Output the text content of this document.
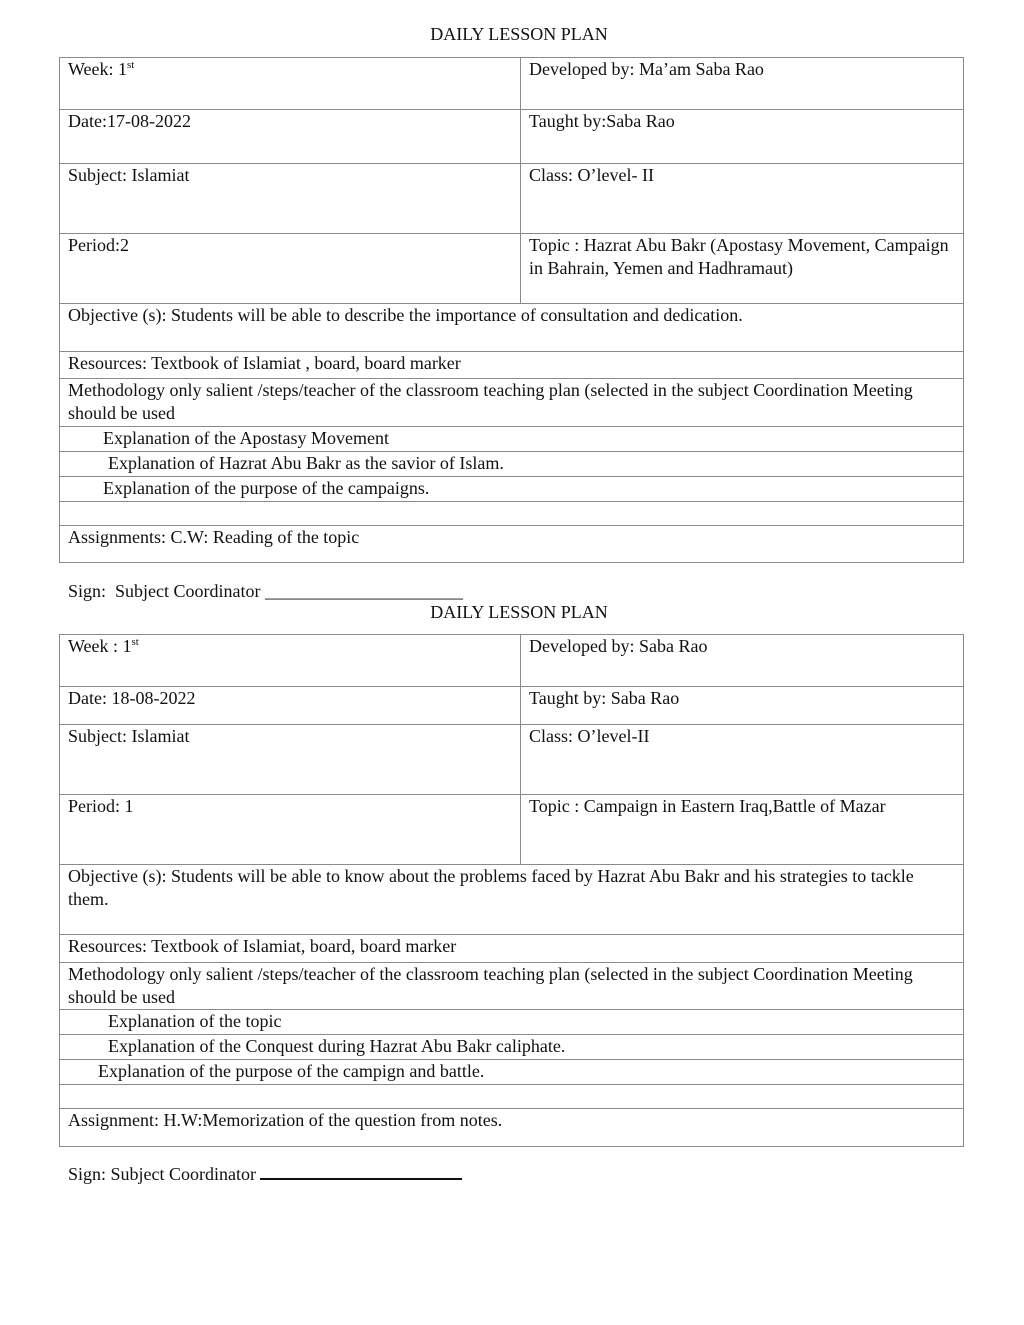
DAILY LESSON PLAN
Week: 1st	Developed by: Ma’am Saba Rao
Date:17-08-2022	Taught by:Saba Rao
Subject: Islamiat	Class: O’level- II
Period:2	Topic : Hazrat Abu Bakr (Apostasy Movement, Campaign in Bahrain, Yemen and Hadhramaut)
Objective (s): Students will be able to describe the importance of consultation and dedication.	
Resources: Textbook of Islamiat , board, board marker	
Methodology only salient /steps/teacher of the classroom teaching plan (selected in the subject Coordination Meeting should be used	
Explanation of the Apostasy Movement	
Explanation of Hazrat Abu Bakr as the savior of Islam.	
Explanation of the purpose of the campaigns.	

Assignments: C.W: Reading of the topic	
Sign:  Subject Coordinator ______________________
DAILY LESSON PLAN
Week : 1st	Developed by: Saba Rao
Date: 18-08-2022	Taught by: Saba Rao
Subject: Islamiat	Class: O’level-II
Period: 1	Topic : Campaign in Eastern Iraq,Battle of Mazar
Objective (s): Students will be able to know about the problems faced by Hazrat Abu Bakr and his strategies to tackle them.	
Resources: Textbook of Islamiat, board, board marker	
Methodology only salient /steps/teacher of the classroom teaching plan (selected in the subject Coordination Meeting should be used	
Explanation of the topic	
Explanation of the Conquest during Hazrat Abu Bakr caliphate.	
Explanation of the purpose of the campign and battle.	

Assignment: H.W:Memorization of the question from notes.	
Sign: Subject Coordinator
